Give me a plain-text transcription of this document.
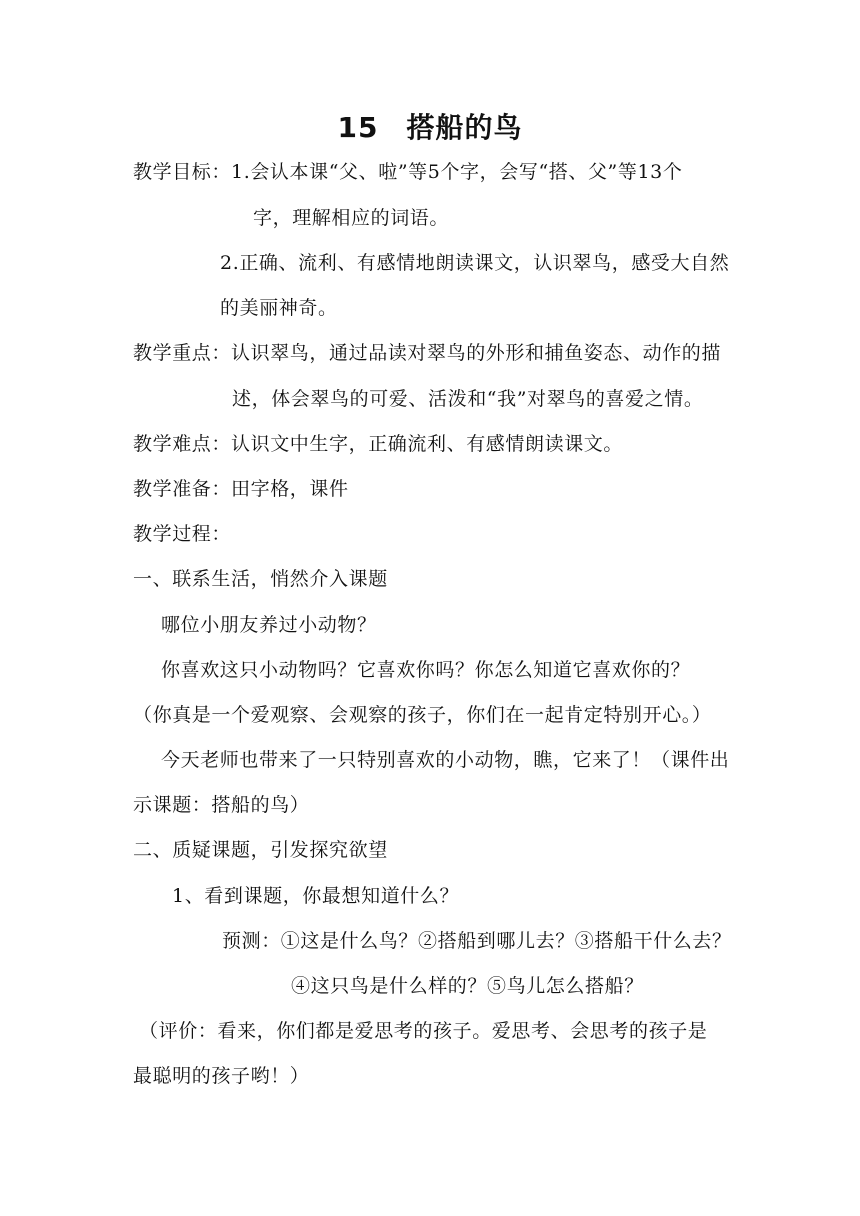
15 搭船的鸟
教学目标：1.会认本课“父、啦”等5个字，会写“搭、父”等13个
字，理解相应的词语。
2.正确、流利、有感情地朗读课文，认识翠鸟，感受大自然
的美丽神奇。
教学重点：认识翠鸟，通过品读对翠鸟的外形和捕鱼姿态、动作的描
述，体会翠鸟的可爱、活泼和“我”对翠鸟的喜爱之情。
教学难点：认识文中生字，正确流利、有感情朗读课文。
教学准备：田字格，课件
教学过程：
一、联系生活，悄然介入课题
哪位小朋友养过小动物？
你喜欢这只小动物吗？它喜欢你吗？你怎么知道它喜欢你的？
（你真是一个爱观察、会观察的孩子，你们在一起肯定特别开心。）
今天老师也带来了一只特别喜欢的小动物，瞧，它来了！（课件出
示课题：搭船的鸟）
二、质疑课题，引发探究欲望
1、看到课题，你最想知道什么？
预测：①这是什么鸟？②搭船到哪儿去？③搭船干什么去？
④这只鸟是什么样的？⑤鸟儿怎么搭船？
（评价：看来，你们都是爱思考的孩子。爱思考、会思考的孩子是
最聪明的孩子哟！）
